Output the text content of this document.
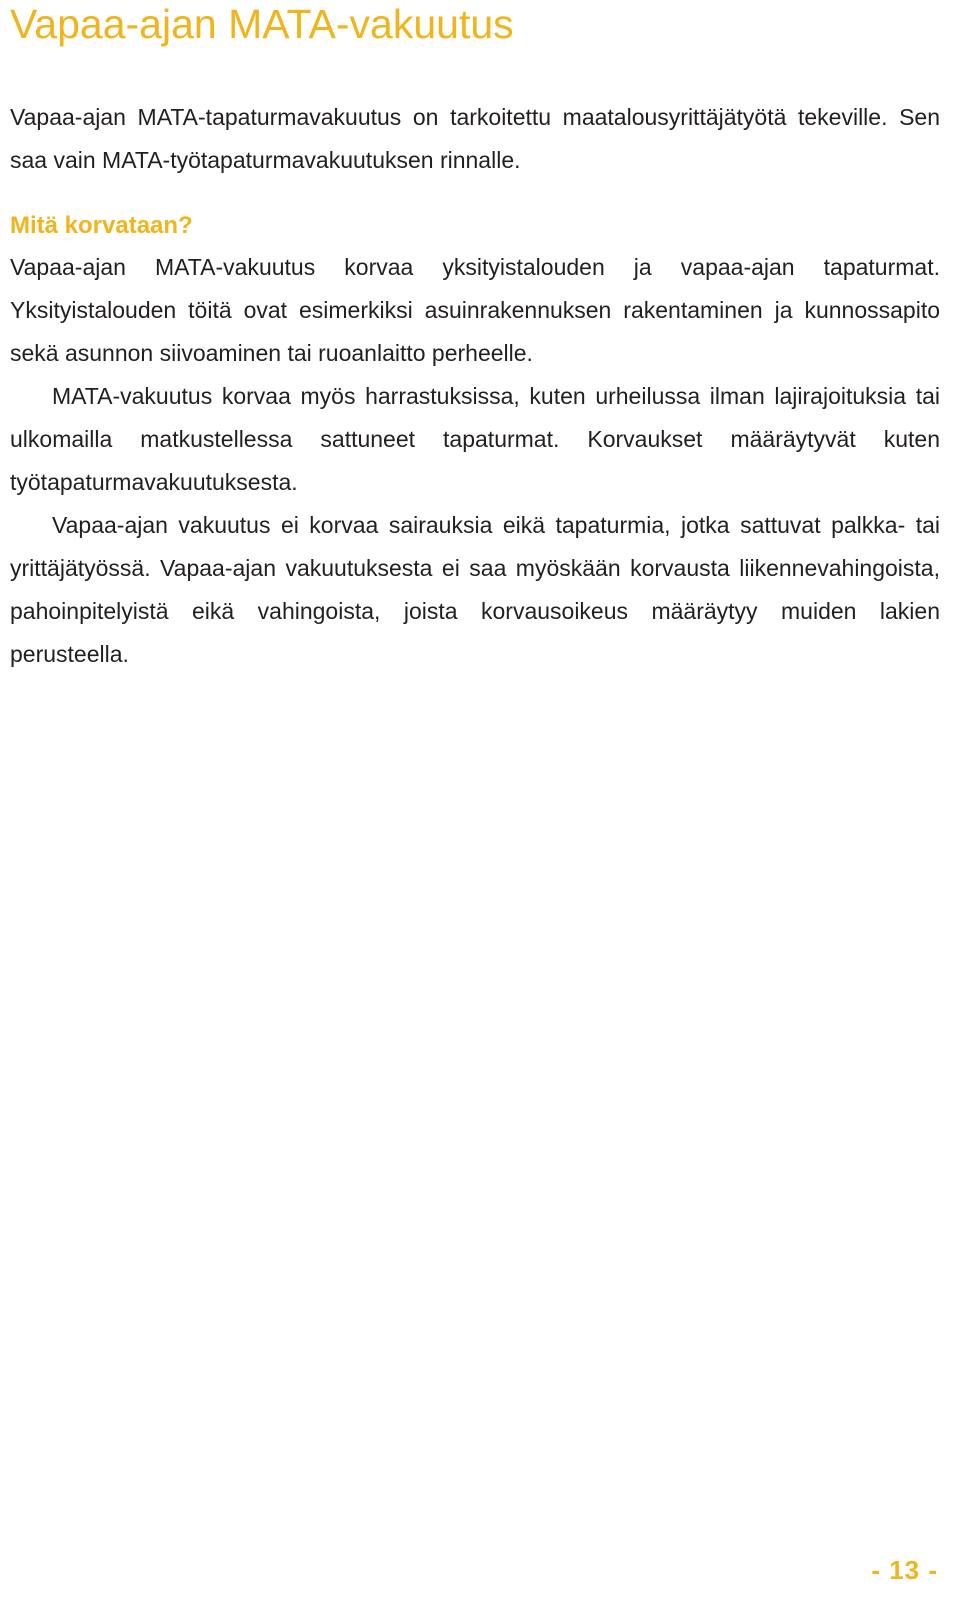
Vapaa-ajan MATA-vakuutus

Vapaa-ajan MATA-tapaturmavakuutus on tarkoitettu maatalousyrittäjätyötä tekeville. Sen saa vain MATA-työtapaturmavakuutuksen rinnalle.

Mitä korvataan?

Vapaa-ajan MATA-vakuutus korvaa yksityistalouden ja vapaa-ajan tapaturmat. Yksityistalouden töitä ovat esimerkiksi asuinrakennuksen rakentaminen ja kunnossapito sekä asunnon siivoaminen tai ruoanlaitto perheelle.

MATA-vakuutus korvaa myös harrastuksissa, kuten urheilussa ilman lajirajoituksia tai ulkomailla matkustellessa sattuneet tapaturmat. Korvaukset määräytyvät kuten työtapaturmavakuutuksesta.

Vapaa-ajan vakuutus ei korvaa sairauksia eikä tapaturmia, jotka sattuvat palkka- tai yrittäjätyössä. Vapaa-ajan vakuutuksesta ei saa myöskään korvausta liikennevahingoista, pahoinpitelyistä eikä vahingoista, joista korvausoikeus määräytyy muiden lakien perusteella.

- 13 -
